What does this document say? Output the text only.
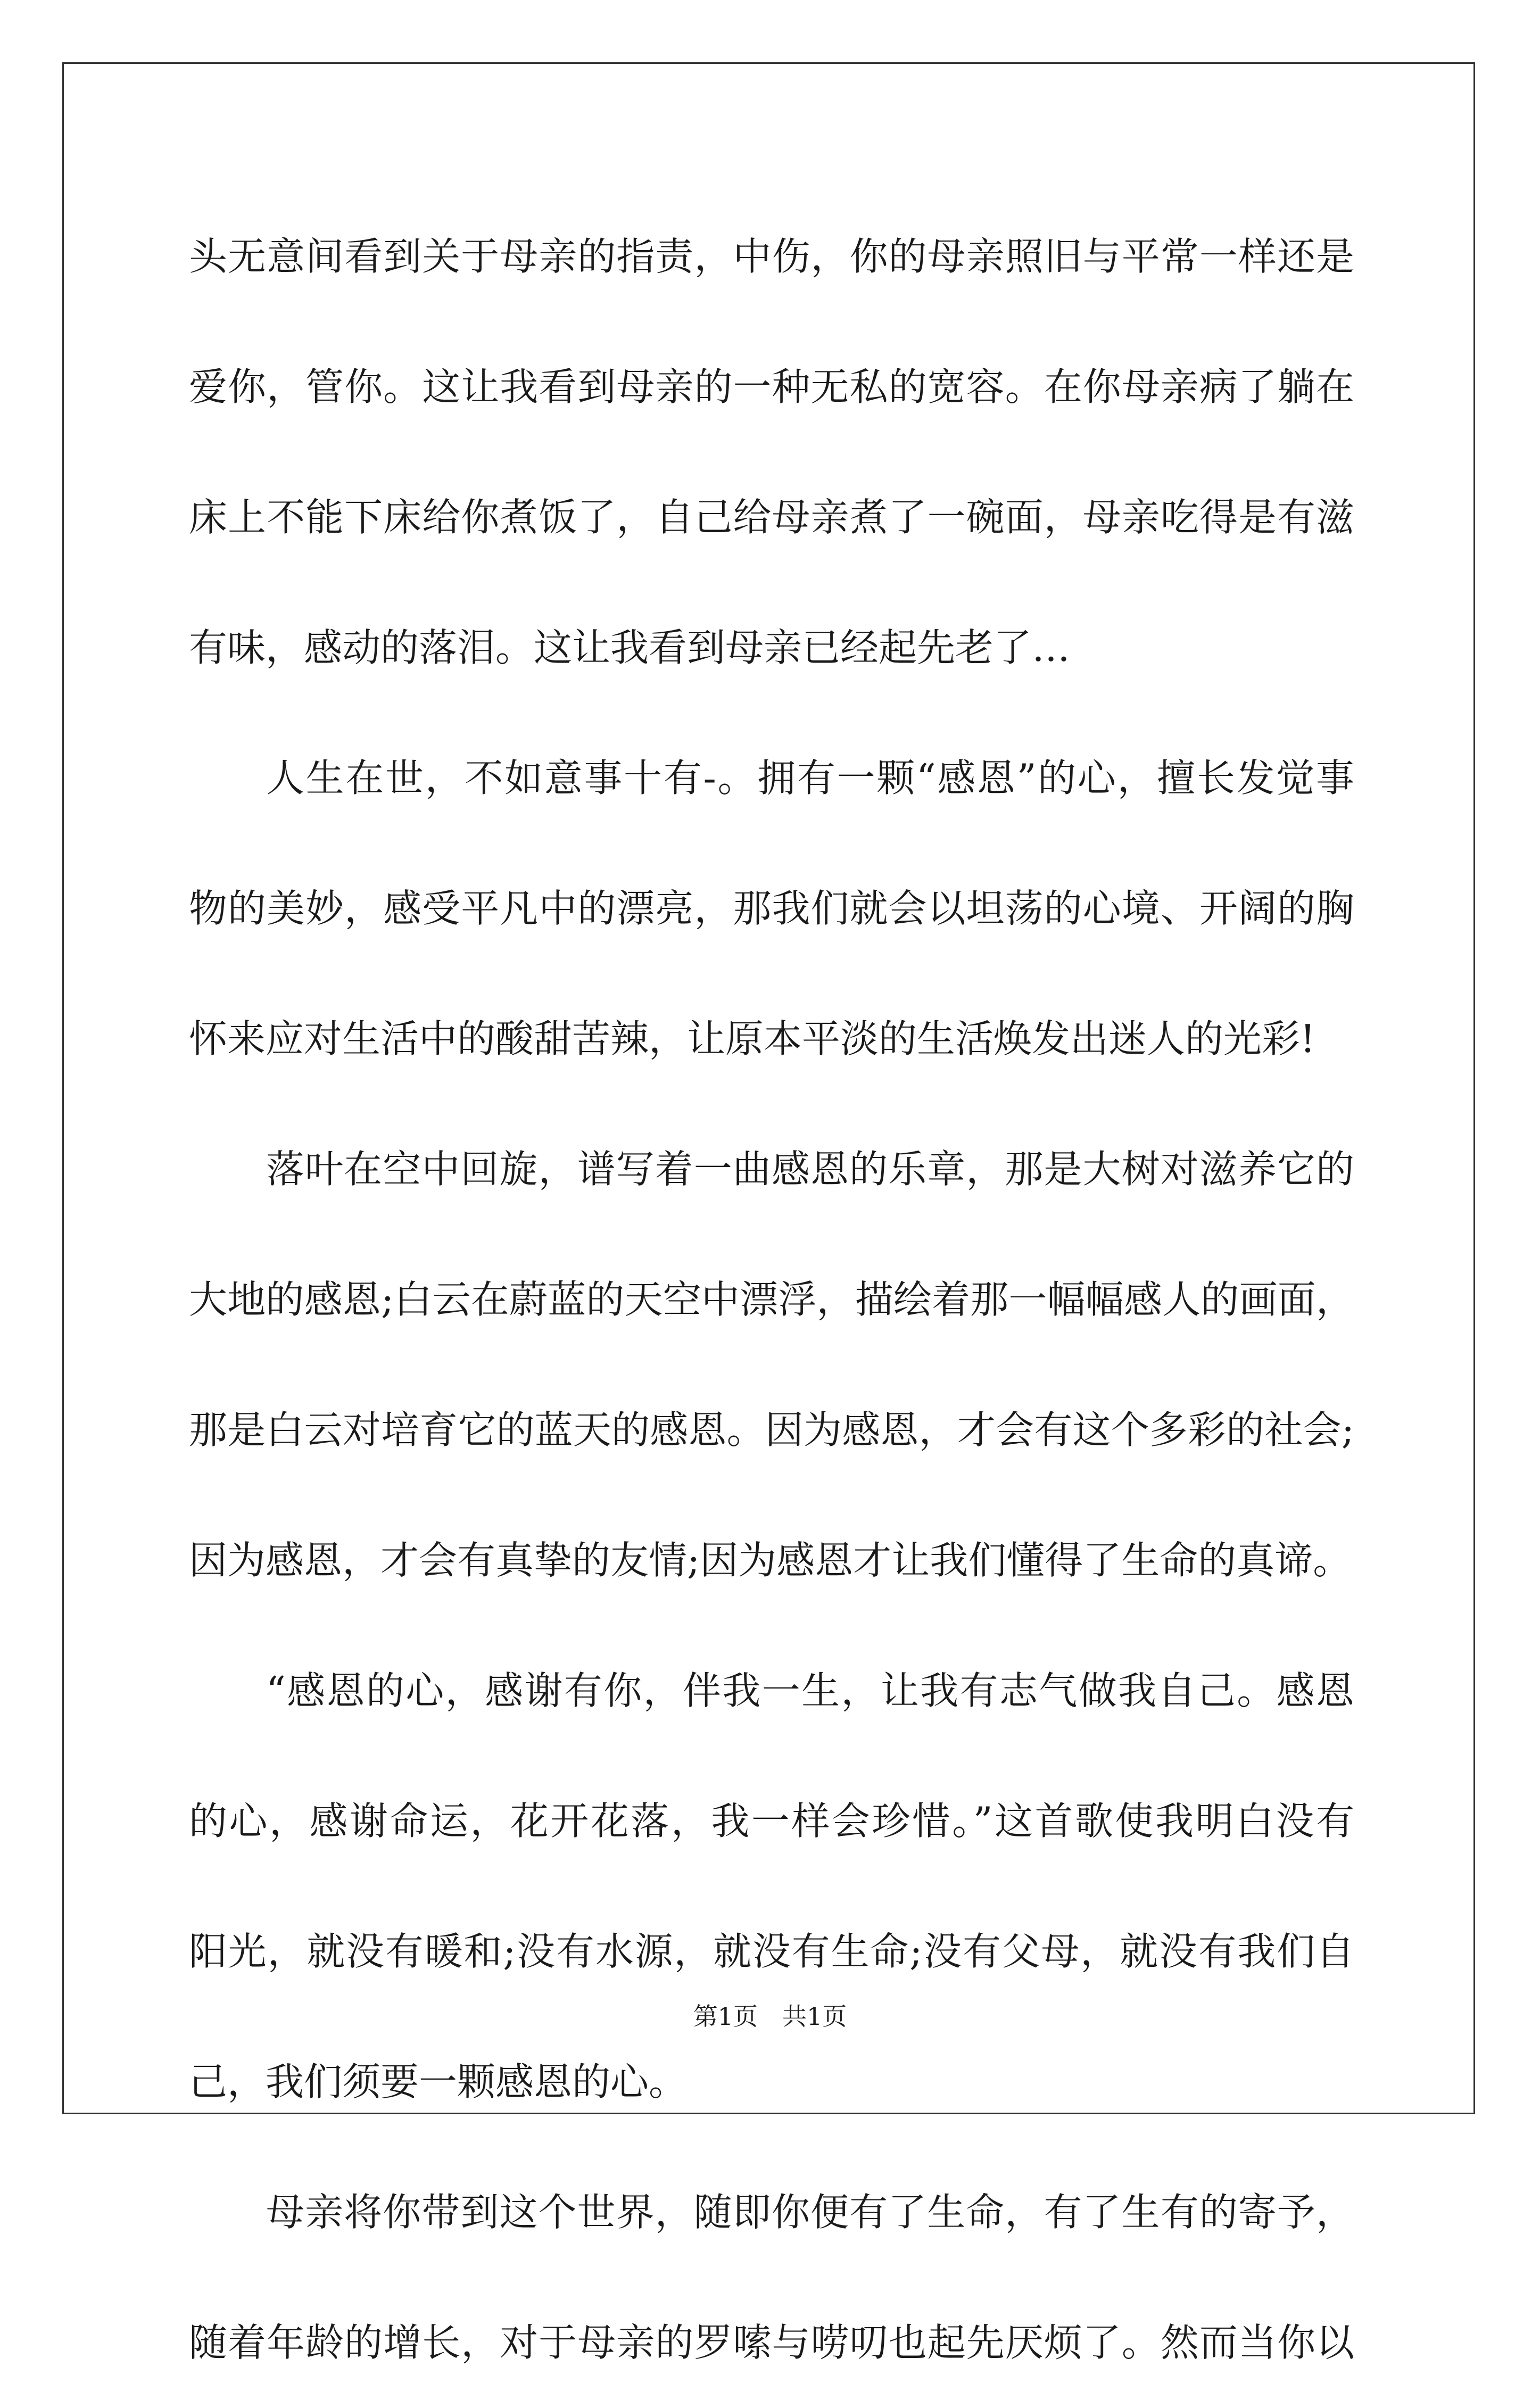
头无意间看到关于母亲的指责，中伤，你的母亲照旧与平常一样还是
爱你，管你。这让我看到母亲的一种无私的宽容。在你母亲病了躺在
床上不能下床给你煮饭了，自己给母亲煮了一碗面，母亲吃得是有滋
有味，感动的落泪。这让我看到母亲已经起先老了…
人生在世，不如意事十有-。拥有一颗“感恩”的心，擅长发觉事
物的美妙，感受平凡中的漂亮，那我们就会以坦荡的心境、开阔的胸
怀来应对生活中的酸甜苦辣，让原本平淡的生活焕发出迷人的光彩!
落叶在空中回旋，谱写着一曲感恩的乐章，那是大树对滋养它的
大地的感恩;白云在蔚蓝的天空中漂浮，描绘着那一幅幅感人的画面，
那是白云对培育它的蓝天的感恩。因为感恩，才会有这个多彩的社会;
因为感恩，才会有真挚的友情;因为感恩才让我们懂得了生命的真谛。
“感恩的心，感谢有你，伴我一生，让我有志气做我自己。感恩
的心，感谢命运，花开花落，我一样会珍惜。”这首歌使我明白没有
阳光，就没有暖和;没有水源，就没有生命;没有父母，就没有我们自
己，我们须要一颗感恩的心。
母亲将你带到这个世界，随即你便有了生命，有了生有的寄予，
随着年龄的增长，对于母亲的罗嗦与唠叨也起先厌烦了。然而当你以
第1页　共1页
